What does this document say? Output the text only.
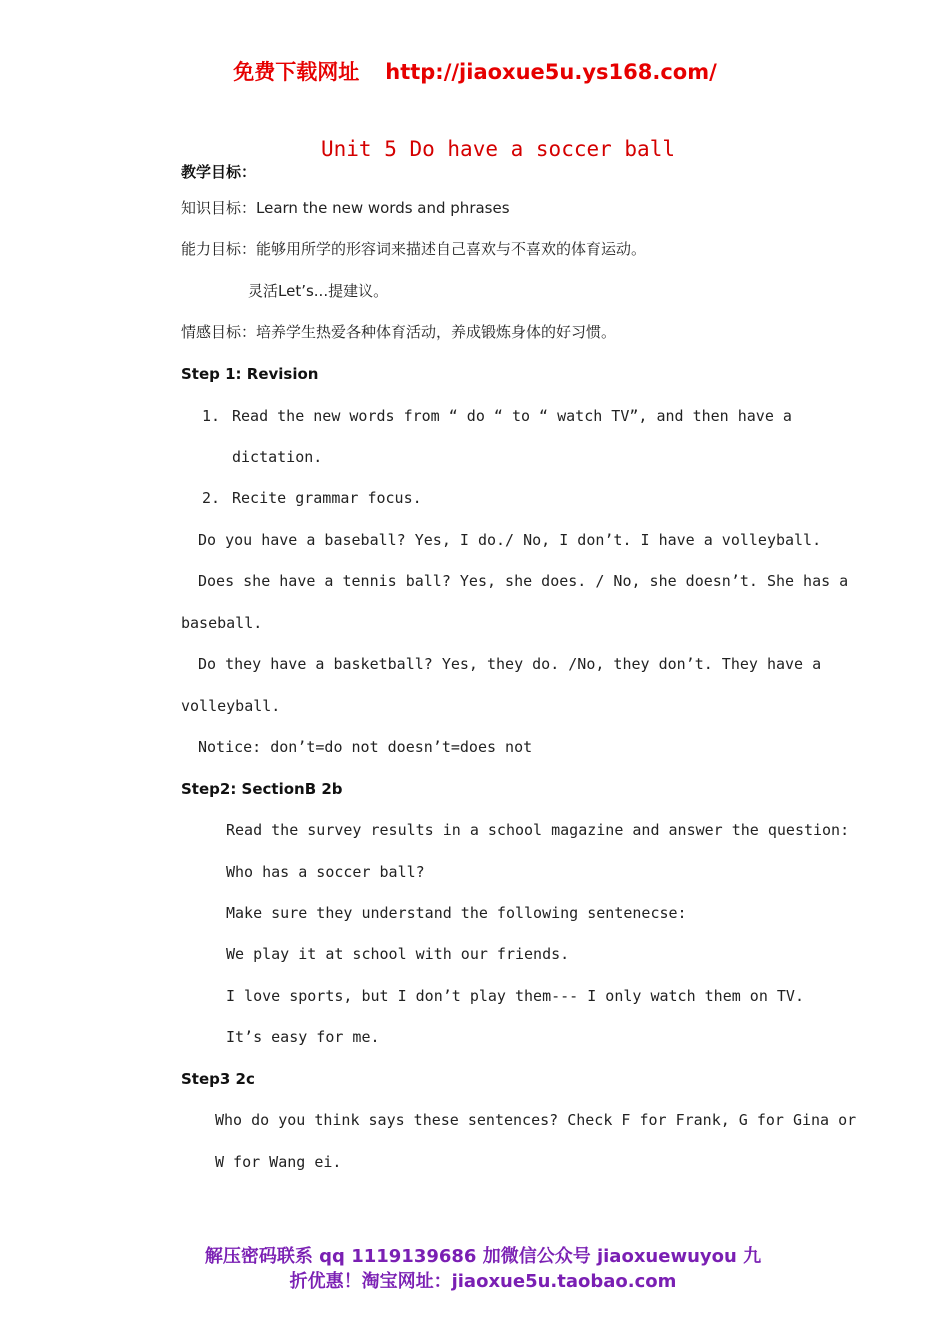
免费下载网址 http://jiaoxue5u.ys168.com/
Unit 5 Do have a soccer ball
教学目标：
知识目标：Learn the new words and phrases
能力目标：能够用所学的形容词来描述自己喜欢与不喜欢的体育运动。
灵活Let’s...提建议。
情感目标：培养学生热爱各种体育活动，养成锻炼身体的好习惯。
Step 1: Revision
1. Read the new words from “ do “ to “ watch TV”, and then have a
dictation.
2. Recite grammar focus.
Do you have a baseball? Yes, I do./ No, I don’t. I have a volleyball.
Does she have a tennis ball? Yes, she does. / No, she doesn’t. She has a
baseball.
Do they have a basketball? Yes, they do. /No, they don’t. They have a
volleyball.
Notice: don’t=do not doesn’t=does not
Step2: SectionB 2b
Read the survey results in a school magazine and answer the question:
Who has a soccer ball?
Make sure they understand the following sentenecse:
We play it at school with our friends.
I love sports, but I don’t play them--- I only watch them on TV.
It’s easy for me.
Step3 2c
Who do you think says these sentences? Check F for Frank, G for Gina or
W for Wang ei.
解压密码联系 qq 1119139686 加微信公众号 jiaoxuewuyou 九
折优惠！淘宝网址：jiaoxue5u.taobao.com
